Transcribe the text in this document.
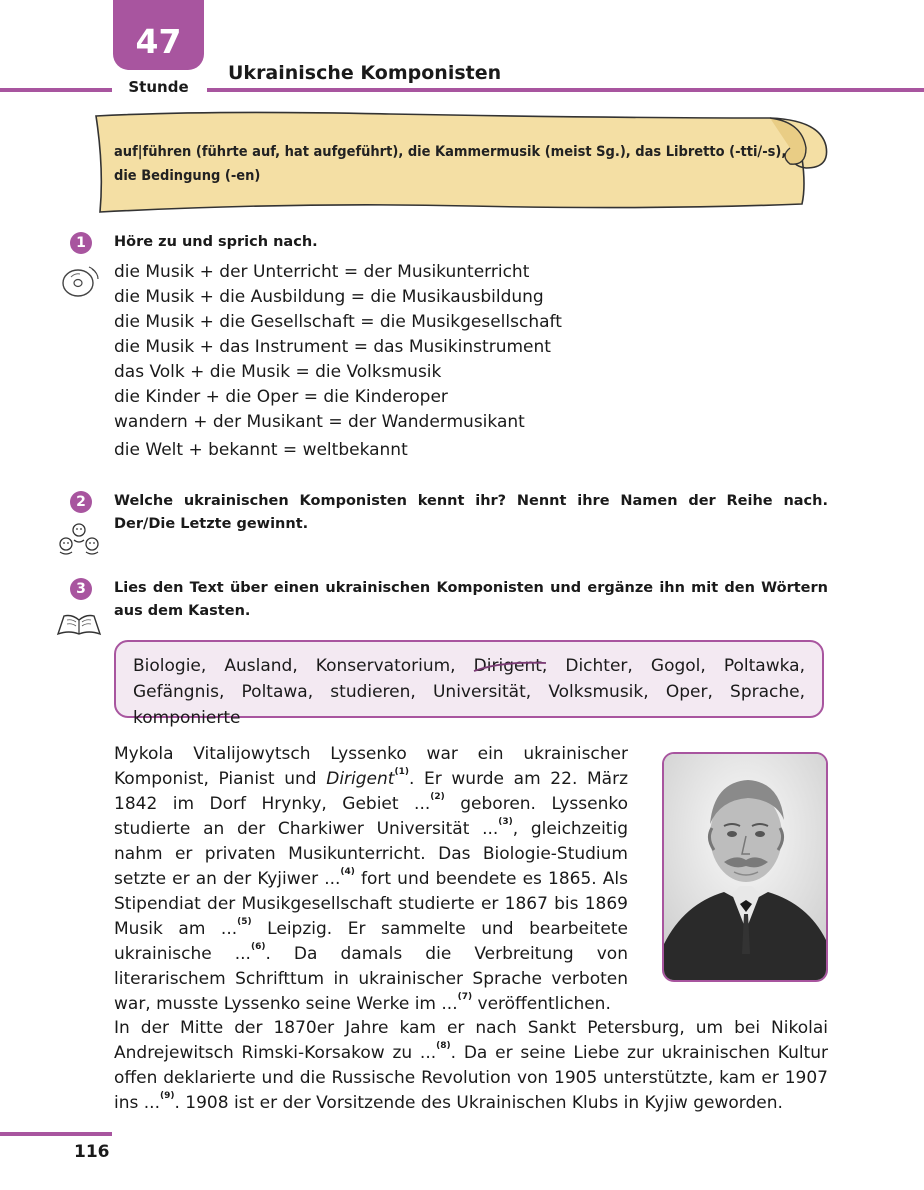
47
Stunde
Ukrainische Komponisten
auf|führen (führte auf, hat aufgeführt), die Kammermusik (meist Sg.), das Libretto (-tti/-s),
die Bedingung (-en)
1	Höre zu und sprich nach.
die Musik + der Unterricht = der Musikunterricht
die Musik + die Ausbildung = die Musikausbildung
die Musik + die Gesellschaft = die Musikgesellschaft
die Musik + das Instrument = das Musikinstrument
das Volk + die Musik = die Volksmusik
die Kinder + die Oper = die Kinderoper
wandern + der Musikant = der Wandermusikant
die Welt + bekannt = weltbekannt
2	Welche ukrainischen Komponisten kennt ihr? Nennt ihre Namen der Reihe nach. Der/Die Letzte gewinnt.
3	Lies den Text über einen ukrainischen Komponisten und ergänze ihn mit den Wörtern aus dem Kasten.
Biologie, Ausland, Konservatorium, Dirigent
, Dichter, Gogol, Poltawka, Gefängnis, Poltawa, studieren, Universität, Volksmusik, Oper, Sprache, komponierte
Mykola Vitalijowytsch Lyssenko war ein ukrainischer Komponist, Pianist und Dirigent$^{(1)}$. Er wurde am 22. März 1842 im Dorf Hrynky, Gebiet ...$^{(2)}$ geboren. Lyssenko studierte an der Charkiwer Universität ...$^{(3)}$, gleichzeitig nahm er privaten Musikunterricht. Das Biologie-Studium setzte er an der Kyjiwer ...$^{(4)}$ fort und beendete es 1865. Als Stipendiat der Musikgesellschaft studierte er 1867 bis 1869 Musik am ...$^{(5)}$ Leipzig. Er sammelte und bearbeitete ukrainische ...$^{(6)}$. Da damals die Verbreitung von literarischem Schrifttum in ukrainischer Sprache verboten war, musste Lyssenko seine Werke im ...$^{(7)}$ veröffentlichen.
In der Mitte der 1870er Jahre kam er nach Sankt Petersburg, um bei Nikolai Andrejewitsch Rimski-Korsakow zu ...$^{(8)}$. Da er seine Liebe zur ukrainischen Kultur offen deklarierte und die Russische Revolution von 1905 unterstützte, kam er 1907 ins ...$^{(9)}$. 1908 ist er der Vorsitzende des Ukrainischen Klubs in Kyjiw geworden.
116
